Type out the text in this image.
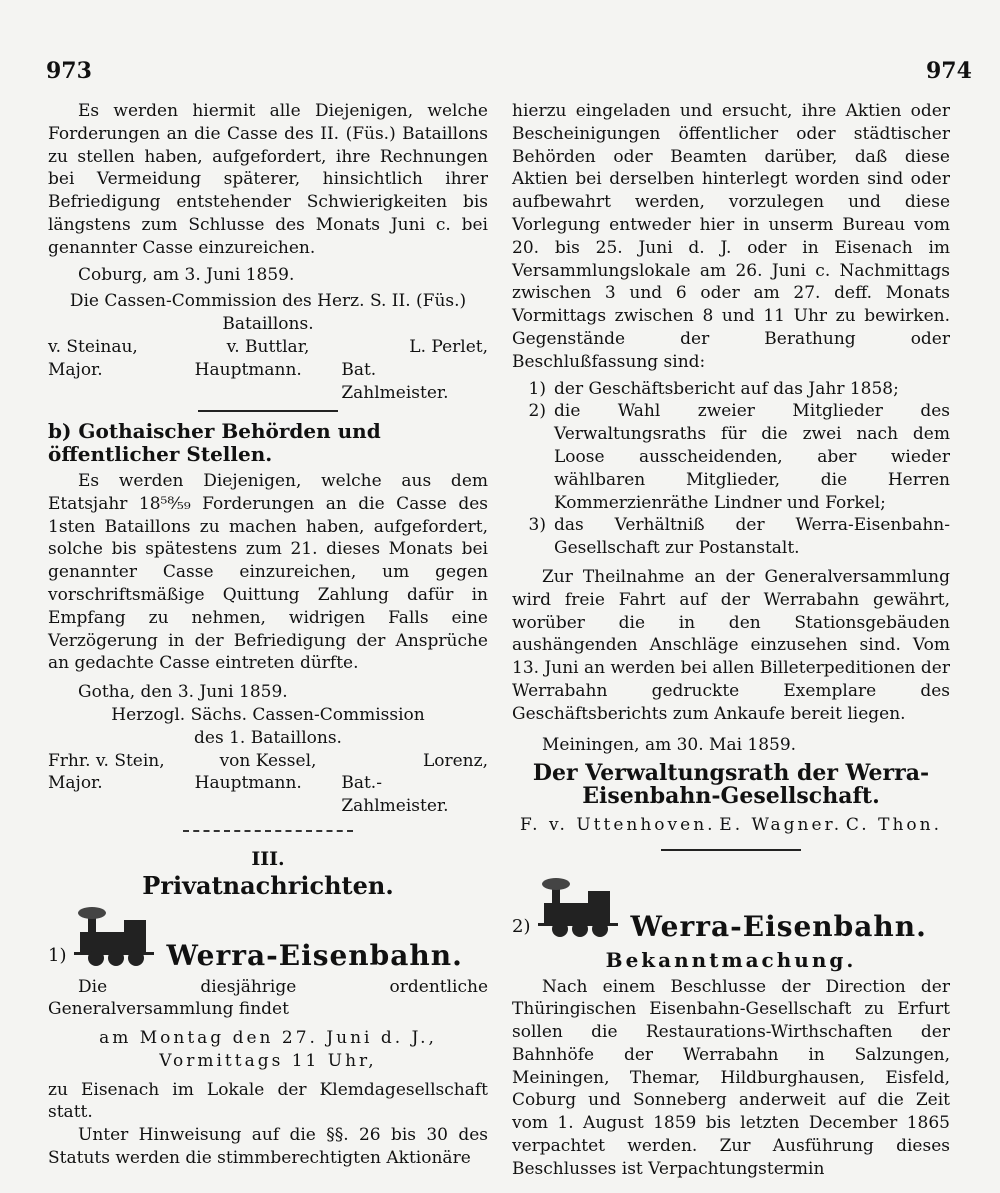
973	974

Es werden hiermit alle Diejenigen, welche Forderungen an die Casse des II. (Füs.) Bataillons zu stellen haben, aufgefordert, ihre Rechnungen bei Vermeidung späterer, hinsichtlich ihrer Befriedigung entstehender Schwierigkeiten bis längstens zum Schlusse des Monats Juni c. bei genannter Casse einzureichen.

Coburg, am 3. Juni 1859.

Die Cassen-Commission des Herz. S. II. (Füs.)

Bataillons.

v. Steinau,	v. Buttlar,	L. Perlet,
Major.	Hauptmann.	Bat. Zahlmeister.

b) Gothaischer Behörden und öffentlicher Stellen.

Es werden Diejenigen, welche aus dem Etatsjahr 18⁵⁸⁄₅₉ Forderungen an die Casse des 1sten Bataillons zu machen haben, aufgefordert, solche bis spätestens zum 21. dieses Monats bei genannter Casse einzureichen, um gegen vorschriftsmäßige Quittung Zahlung dafür in Empfang zu nehmen, widrigen Falls eine Verzögerung in der Befriedigung der Ansprüche an gedachte Casse eintreten dürfte.

Gotha, den 3. Juni 1859.

Herzogl. Sächs. Cassen-Commission

des 1. Bataillons.

Frhr. v. Stein,	von Kessel,	Lorenz,
Major.	Hauptmann.	Bat.-Zahlmeister.

III.

Privatnachrichten.

1)	Werra-Eisenbahn.

Die diesjährige ordentliche Generalversammlung findet

am Montag den 27. Juni d. J.,

Vormittags 11 Uhr,

zu Eisenach im Lokale der Klemdagesellschaft statt.

Unter Hinweisung auf die §§. 26 bis 30 des Statuts werden die stimmberechtigten Aktionäre

hierzu eingeladen und ersucht, ihre Aktien oder Bescheinigungen öffentlicher oder städtischer Behörden oder Beamten darüber, daß diese Aktien bei derselben hinterlegt worden sind oder aufbewahrt werden, vorzulegen und diese Vorlegung entweder hier in unserm Bureau vom 20. bis 25. Juni d. J. oder in Eisenach im Versammlungslokale am 26. Juni c. Nachmittags zwischen 3 und 6 oder am 27. deff. Monats Vormittags zwischen 8 und 11 Uhr zu bewirken. Gegenstände der Berathung oder Beschlußfassung sind:

1) der Geschäftsbericht auf das Jahr 1858;
2) die Wahl zweier Mitglieder des Verwaltungsraths für die zwei nach dem Loose ausscheidenden, aber wieder wählbaren Mitglieder, die Herren Kommerzienräthe Lindner und Forkel;
3) das Verhältniß der Werra-Eisenbahn-Gesellschaft zur Postanstalt.

Zur Theilnahme an der Generalversammlung wird freie Fahrt auf der Werrabahn gewährt, worüber die in den Stationsgebäuden aushängenden Anschläge einzusehen sind. Vom 13. Juni an werden bei allen Billeterpeditionen der Werrabahn gedruckte Exemplare des Geschäftsberichts zum Ankaufe bereit liegen.

Meiningen, am 30. Mai 1859.

Der Verwaltungsrath der Werra-

Eisenbahn-Gesellschaft.

F. v. Uttenhoven. E. Wagner. C. Thon.
2)	Werra-Eisenbahn.

Bekanntmachung.

Nach einem Beschlusse der Direction der Thüringischen Eisenbahn-Gesellschaft zu Erfurt sollen die Restaurations-Wirthschaften der Bahnhöfe der Werrabahn in Salzungen, Meiningen, Themar, Hildburghausen, Eisfeld, Coburg und Sonneberg anderweit auf die Zeit vom 1. August 1859 bis letzten December 1865 verpachtet werden. Zur Ausführung dieses Beschlusses ist Verpachtungstermin
